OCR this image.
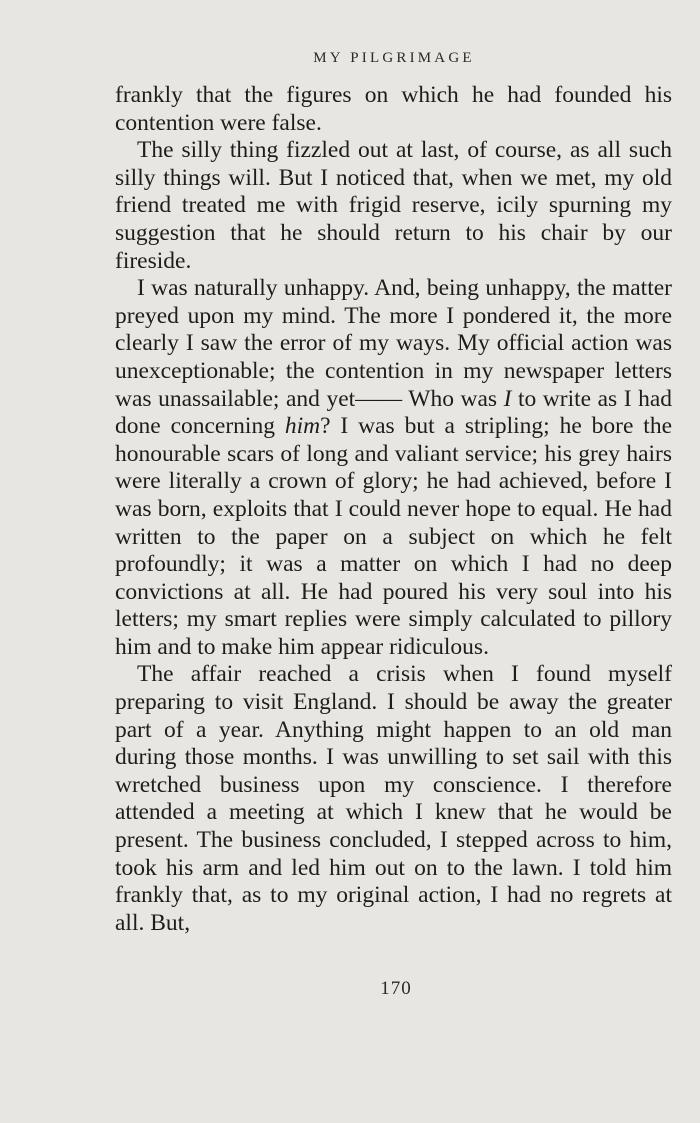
MY PILGRIMAGE

frankly that the figures on which he had founded his contention were false.

The silly thing fizzled out at last, of course, as all such silly things will. But I noticed that, when we met, my old friend treated me with frigid reserve, icily spurning my suggestion that he should return to his chair by our fireside.

I was naturally unhappy. And, being unhappy, the matter preyed upon my mind. The more I pondered it, the more clearly I saw the error of my ways. My official action was unexceptionable; the contention in my newspaper letters was unassailable; and yet—— Who was I to write as I had done concerning him? I was but a stripling; he bore the honourable scars of long and valiant service; his grey hairs were literally a crown of glory; he had achieved, before I was born, exploits that I could never hope to equal. He had written to the paper on a subject on which he felt profoundly; it was a matter on which I had no deep convictions at all. He had poured his very soul into his letters; my smart replies were simply calculated to pillory him and to make him appear ridiculous.

The affair reached a crisis when I found myself preparing to visit England. I should be away the greater part of a year. Anything might happen to an old man during those months. I was unwilling to set sail with this wretched business upon my conscience. I therefore attended a meeting at which I knew that he would be present. The business concluded, I stepped across to him, took his arm and led him out on to the lawn. I told him frankly that, as to my original action, I had no regrets at all. But,

170
